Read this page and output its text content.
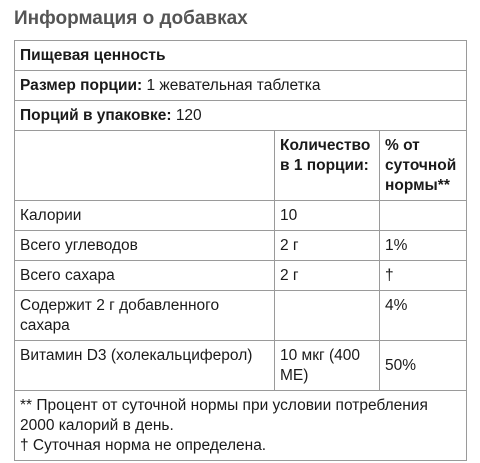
Информация о добавках
Пищевая ценность		
Размер порции: 1 жевательная таблетка		
Порций в упаковке: 120		
	Количество в 1 порции:	% от суточной нормы**
Калории	10	
Всего углеводов	2 г	1%
Всего сахара	2 г	†
Содержит 2 г добавленного сахара		4%
Витамин D3 (холекальциферол)	10 мкг (400 МЕ)	50%

** Процент от суточной нормы при условии потребления 2000 калорий в день.
† Суточная норма не определена.		
